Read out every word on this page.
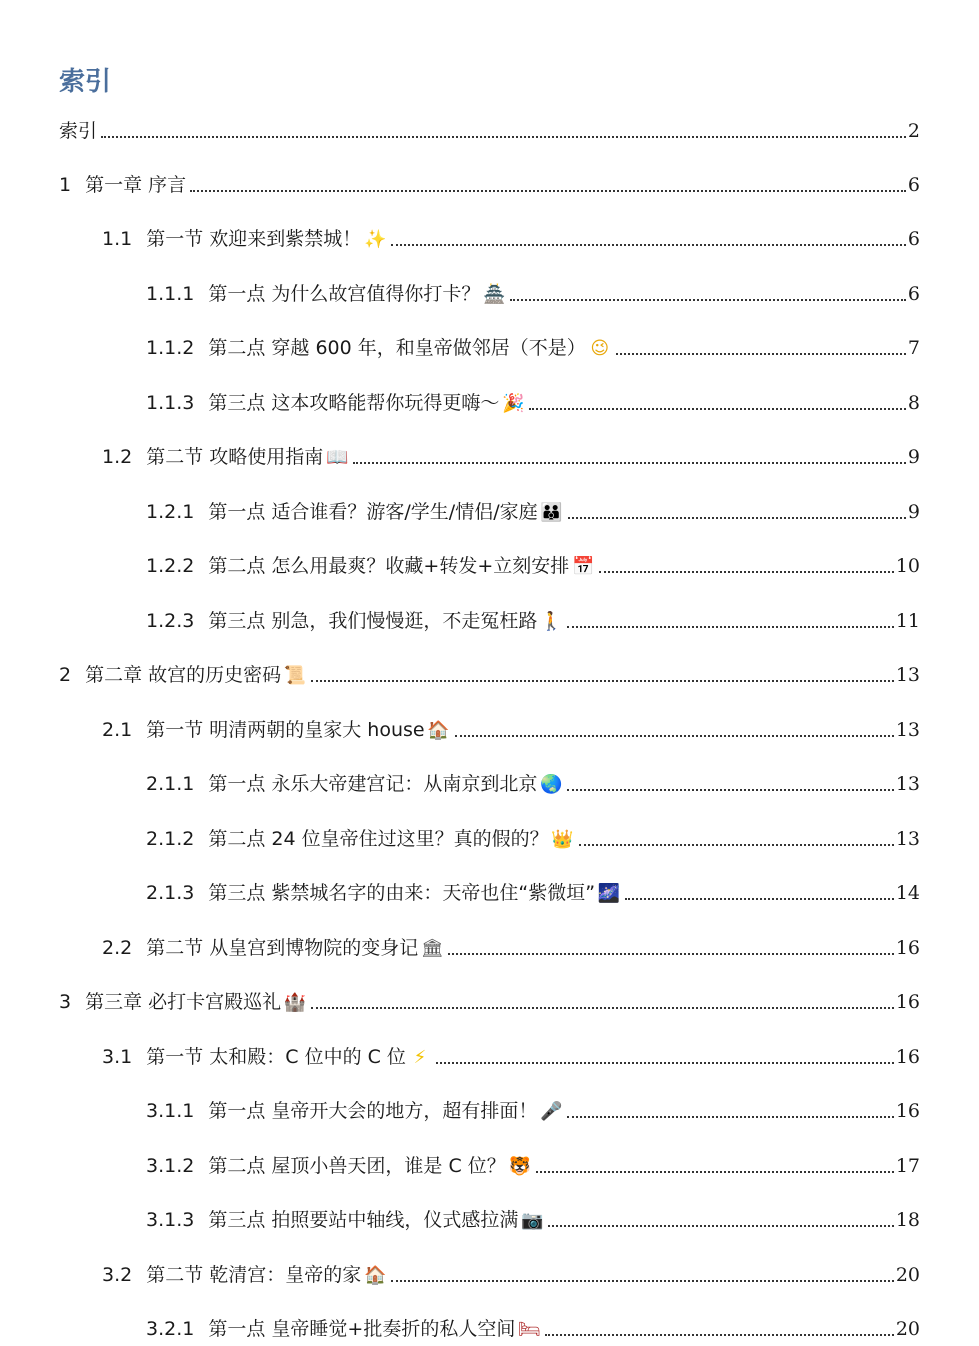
索引
索引	2
1 第一章 序言	6
1.1 第一节 欢迎来到紫禁城！ ✨	6
1.1.1 第一点 为什么故宫值得你打卡？ 🏯	6
1.1.2 第二点 穿越 600 年，和皇帝做邻居（不是） 😉	7
1.1.3 第三点 这本攻略能帮你玩得更嗨～ 🎉	8
1.2 第二节 攻略使用指南 📖	9
1.2.1 第一点 适合谁看？游客/学生/情侣/家庭 👪	9
1.2.2 第二点 怎么用最爽？收藏+转发+立刻安排 📅	10
1.2.3 第三点 别急，我们慢慢逛，不走冤枉路 🚶	11
2 第二章 故宫的历史密码 📜	13
2.1 第一节 明清两朝的皇家大 house 🏠	13
2.1.1 第一点 永乐大帝建宫记：从南京到北京 🌏	13
2.1.2 第二点 24 位皇帝住过这里？真的假的？ 👑	13
2.1.3 第三点 紫禁城名字的由来：天帝也住“紫微垣” 🌌	14
2.2 第二节 从皇宫到博物院的变身记 🏛	16
3 第三章 必打卡宫殿巡礼 🏰	16
3.1 第一节 太和殿：C 位中的 C 位 ⚡	16
3.1.1 第一点 皇帝开大会的地方，超有排面！ 🎤	16
3.1.2 第二点 屋顶小兽天团，谁是 C 位？ 🐯	17
3.1.3 第三点 拍照要站中轴线，仪式感拉满 📷	18
3.2 第二节 乾清宫：皇帝的家 🏠	20
3.2.1 第一点 皇帝睡觉+批奏折的私人空间 🛏	20
